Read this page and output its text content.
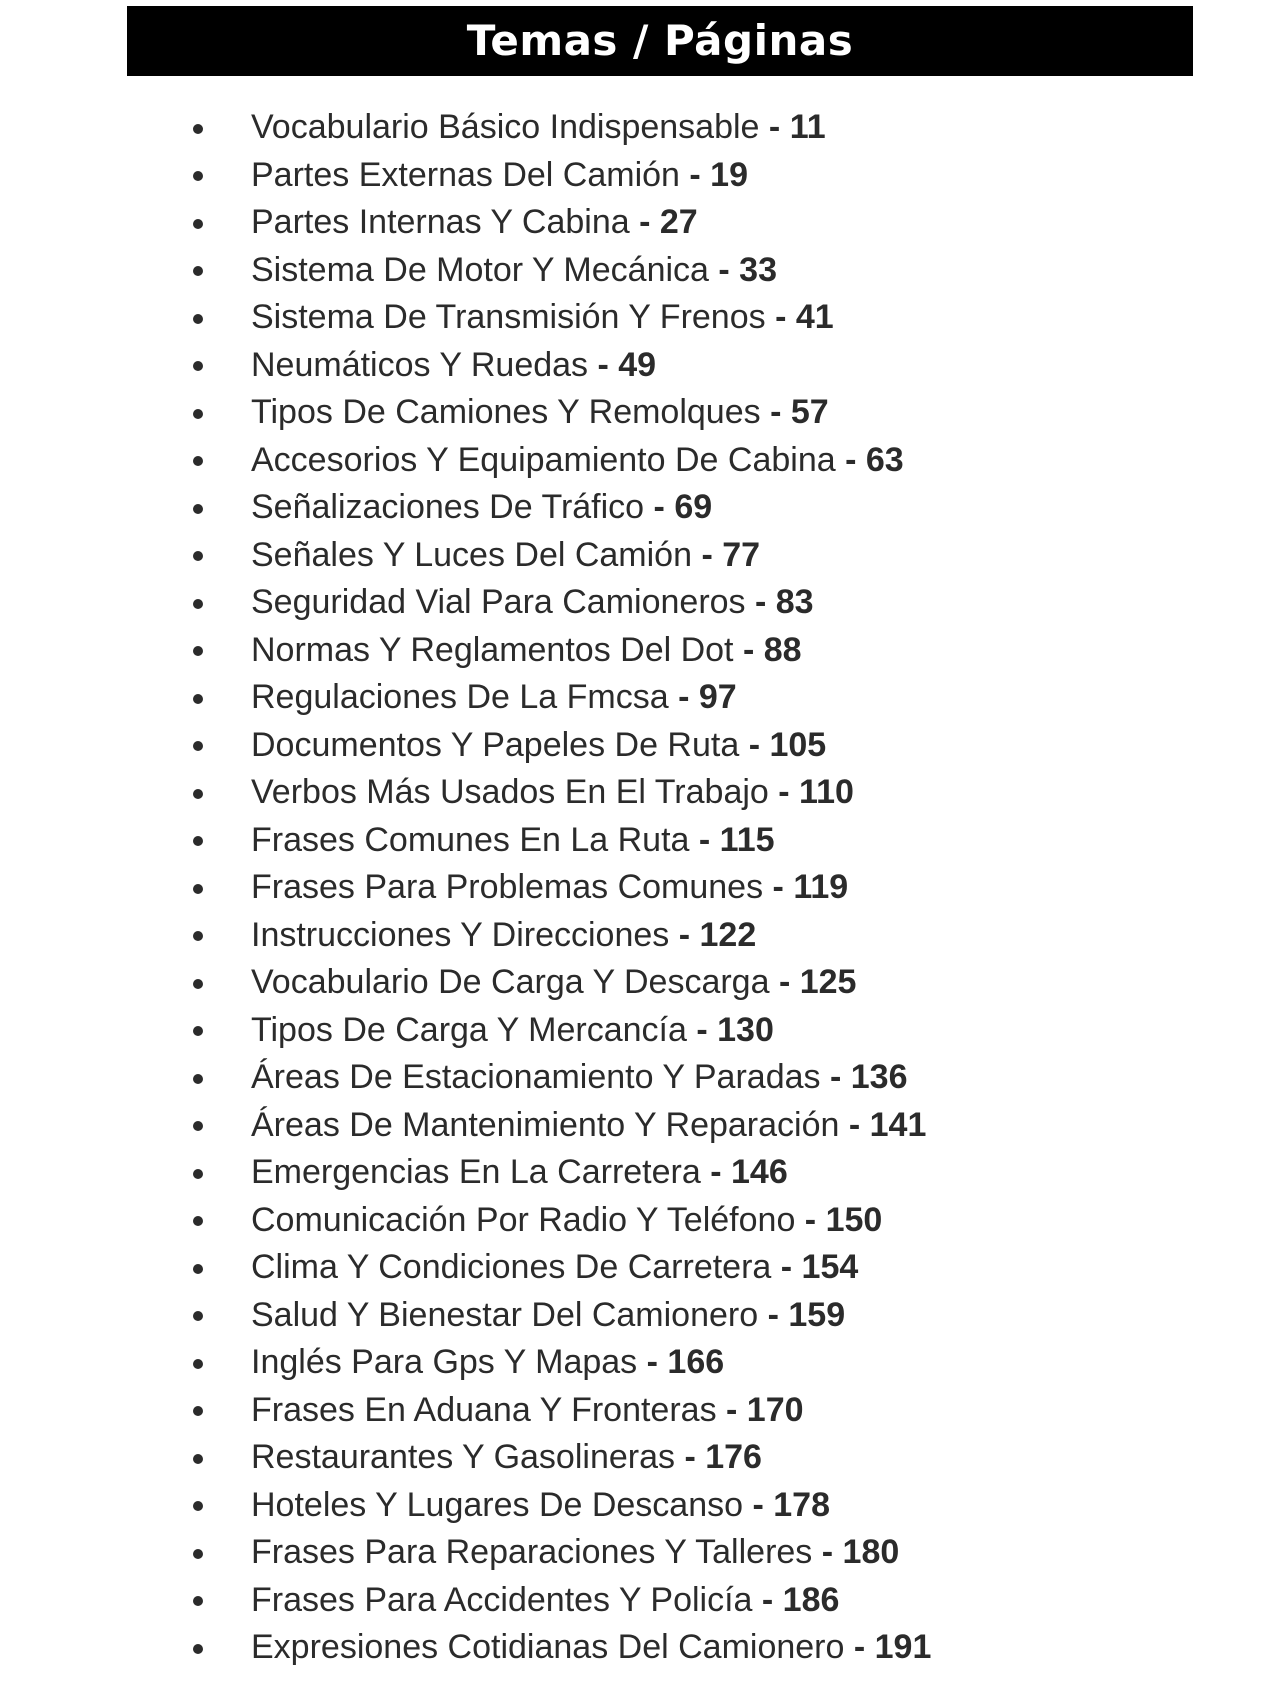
Temas / Páginas
Vocabulario Básico Indispensable - 11
Partes Externas Del Camión - 19
Partes Internas Y Cabina - 27
Sistema De Motor Y Mecánica - 33
Sistema De Transmisión Y Frenos - 41
Neumáticos Y Ruedas - 49
Tipos De Camiones Y Remolques - 57
Accesorios Y Equipamiento De Cabina - 63
Señalizaciones De Tráfico - 69
Señales Y Luces Del Camión - 77
Seguridad Vial Para Camioneros - 83
Normas Y Reglamentos Del Dot - 88
Regulaciones De La Fmcsa - 97
Documentos Y Papeles De Ruta - 105
Verbos Más Usados En El Trabajo - 110
Frases Comunes En La Ruta - 115
Frases Para Problemas Comunes - 119
Instrucciones Y Direcciones - 122
Vocabulario De Carga Y Descarga - 125
Tipos De Carga Y Mercancía - 130
Áreas De Estacionamiento Y Paradas - 136
Áreas De Mantenimiento Y Reparación - 141
Emergencias En La Carretera - 146
Comunicación Por Radio Y Teléfono - 150
Clima Y Condiciones De Carretera - 154
Salud Y Bienestar Del Camionero - 159
Inglés Para Gps Y Mapas - 166
Frases En Aduana Y Fronteras - 170
Restaurantes Y Gasolineras - 176
Hoteles Y Lugares De Descanso - 178
Frases Para Reparaciones Y Talleres - 180
Frases Para Accidentes Y Policía - 186
Expresiones Cotidianas Del Camionero - 191
